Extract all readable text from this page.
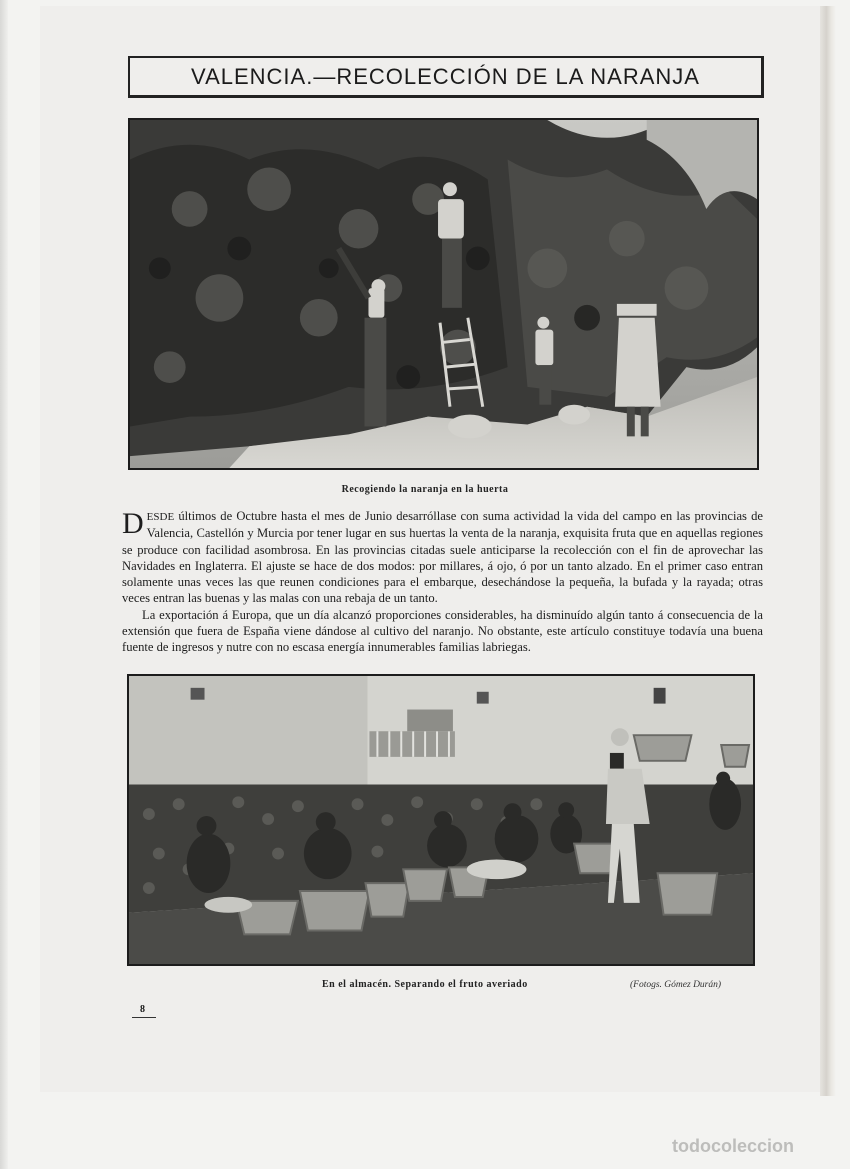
VALENCIA.—RECOLECCIÓN DE LA NARANJA
Recogiendo la naranja en la huerta

DESDE últimos de Octubre hasta el mes de Junio desarróllase con suma actividad la vida del campo en las provincias de Valencia, Castellón y Murcia por tener lugar en sus huertas la venta de la naranja, exquisita fruta que en aquellas regiones se produce con facilidad asombrosa. En las provincias citadas suele anticiparse la recolección con el fin de aprovechar las Navidades en Inglaterra. El ajuste se hace de dos modos: por millares, á ojo, ó por un tanto alzado. En el primer caso entran solamente unas veces las que reunen condiciones para el embarque, desechándose la pequeña, la bufada y la rayada; otras veces entran las buenas y las malas con una rebaja de un tanto.

La exportación á Europa, que un día alcanzó proporciones considerables, ha disminuído algún tanto á consecuencia de la extensión que fuera de España viene dándose al cultivo del naranjo. No obstante, este artículo constituye todavía una buena fuente de ingresos y nutre con no escasa energía innumerables familias labriegas.

En el almacén. Separando el fruto averiado	(Fotogs. Gómez Durán)
8
todocoleccion
